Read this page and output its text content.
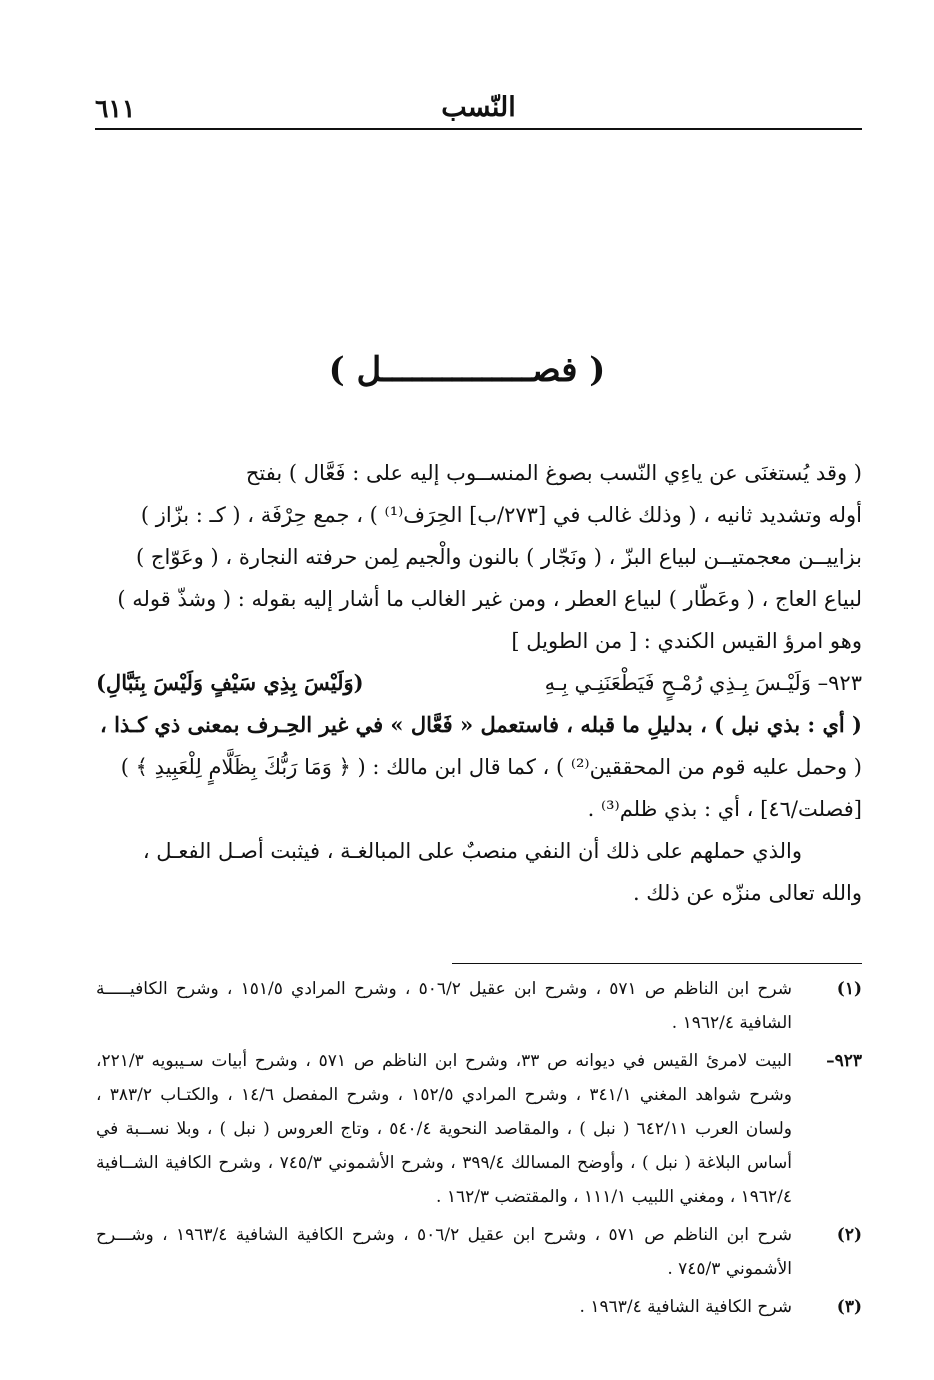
النّسب
٦١١
( فصـــــــــــــــل )

( وقد يُستغنَى عن ياءِي النّسب بصوغ المنســوب إليه على : فَعَّال ) بفتح

أوله وتشديد ثانيه ، ( وذلك غالب في [٢٧٣/ب] الحِرَف⁽¹⁾ ) ، جمع حِرْفَة ، ( كـ : بزّاز )

بزاييــن معجمتيــن لبياع البزّ ، ( ونَجّار ) بالنون والْجيم لِمن حرفته النجارة ، ( وعَوّاج )

لبياع العاج ، ( وعَطّار ) لبياع العطر ، ومن غير الغالب ما أشار إليه بقوله : ( وشذّ قوله )

وهو امرؤ القيس الكندي : [ من الطويل ]

٩٢٣– وَلَيْـسَ بِـذِي رُمْـحٍ فَيَطْعَنَنِـي بِـهِ
(وَلَيْسَ بِذِي سَيْفٍ وَلَيْسَ بِنَبَّالِ)

( أي : بذي نبل ) ، بدليلِ ما قبله ، فاستعمل « فَعَّال » في غير الحِـرف بمعنى ذي كـذا ،

( وحمل عليه قوم من المحققين⁽²⁾ ) ، كما قال ابن مالك : ( ﴿ وَمَا رَبُّكَ بِظَلَّامٍ لِلْعَبِيدِ ﴾ )

[فصلت/٤٦] ، أي : بذي ظلم⁽³⁾ .

والذي حملهم على ذلك أن النفي منصبٌ على المبالغـة ، فيثبت أصـل الفعـل ،

والله تعالى منزّه عن ذلك .

(١)
شرح ابن الناظم ص ٥٧١ ، وشرح ابن عقيل ٥٠٦/٢ ، وشرح المرادي ١٥١/٥ ، وشرح الكافيـــــة الشافية ١٩٦٢/٤ .
٩٢٣–
البيت لامرئ القيس في ديوانه ص ٣٣، وشرح ابن الناظم ص ٥٧١ ، وشرح أبيات سـيبويه ٢٢١/٣، وشرح شواهد المغني ٣٤١/١ ، وشرح المرادي ١٥٢/٥ ، وشرح المفصل ١٤/٦ ، والكتـاب ٣٨٣/٢ ، ولسان العرب ٦٤٢/١١ ( نبل ) ، والمقاصد النحوية ٥٤٠/٤ ، وتاج العروس ( نبل ) ، وبلا نســبة في أساس البلاغة ( نبل ) ، وأوضح المسالك ٣٩٩/٤ ، وشرح الأشموني ٧٤٥/٣ ، وشرح الكافية الشــافية ١٩٦٢/٤ ، ومغني اللبيب ١١١/١ ، والمقتضب ١٦٢/٣ .
(٢)
شرح ابن الناظم ص ٥٧١ ، وشرح ابن عقيل ٥٠٦/٢ ، وشرح الكافية الشافية ١٩٦٣/٤ ، وشـــرح الأشموني ٧٤٥/٣ .
(٣)
شرح الكافية الشافية ١٩٦٣/٤ .
